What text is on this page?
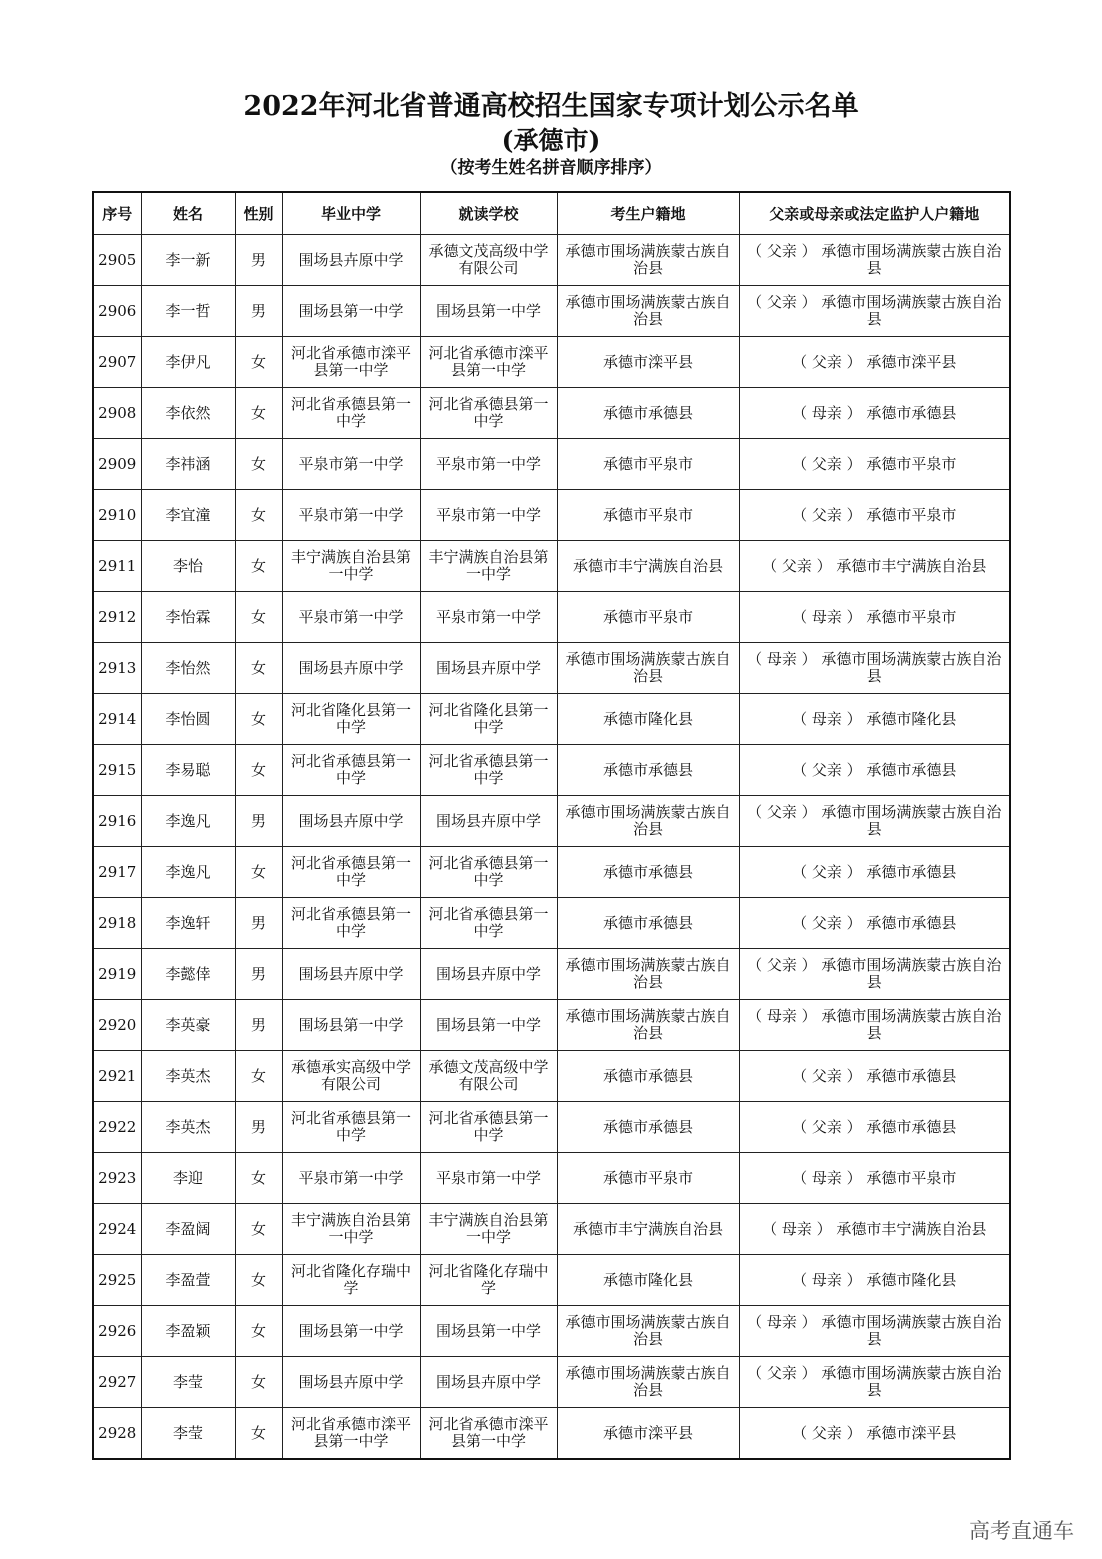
2022年河北省普通高校招生国家专项计划公示名单
(承德市)
（按考生姓名拼音顺序排序）
序号	姓名	性别	毕业中学	就读学校	考生户籍地	父亲或母亲或法定监护人户籍地
2905	李一新	男	围场县卉原中学	承德文茂高级中学有限公司	承德市围场满族蒙古族自治县	（ 父亲 ） 承德市围场满族蒙古族自治县
2906	李一哲	男	围场县第一中学	围场县第一中学	承德市围场满族蒙古族自治县	（ 父亲 ） 承德市围场满族蒙古族自治县
2907	李伊凡	女	河北省承德市滦平县第一中学	河北省承德市滦平县第一中学	承德市滦平县	（ 父亲 ） 承德市滦平县
2908	李依然	女	河北省承德县第一中学	河北省承德县第一中学	承德市承德县	（ 母亲 ） 承德市承德县
2909	李祎涵	女	平泉市第一中学	平泉市第一中学	承德市平泉市	（ 父亲 ） 承德市平泉市
2910	李宜潼	女	平泉市第一中学	平泉市第一中学	承德市平泉市	（ 父亲 ） 承德市平泉市
2911	李怡	女	丰宁满族自治县第一中学	丰宁满族自治县第一中学	承德市丰宁满族自治县	（ 父亲 ） 承德市丰宁满族自治县
2912	李怡霖	女	平泉市第一中学	平泉市第一中学	承德市平泉市	（ 母亲 ） 承德市平泉市
2913	李怡然	女	围场县卉原中学	围场县卉原中学	承德市围场满族蒙古族自治县	（ 母亲 ） 承德市围场满族蒙古族自治县
2914	李怡圆	女	河北省隆化县第一中学	河北省隆化县第一中学	承德市隆化县	（ 母亲 ） 承德市隆化县
2915	李易聪	女	河北省承德县第一中学	河北省承德县第一中学	承德市承德县	（ 父亲 ） 承德市承德县
2916	李逸凡	男	围场县卉原中学	围场县卉原中学	承德市围场满族蒙古族自治县	（ 父亲 ） 承德市围场满族蒙古族自治县
2917	李逸凡	女	河北省承德县第一中学	河北省承德县第一中学	承德市承德县	（ 父亲 ） 承德市承德县
2918	李逸轩	男	河北省承德县第一中学	河北省承德县第一中学	承德市承德县	（ 父亲 ） 承德市承德县
2919	李懿倖	男	围场县卉原中学	围场县卉原中学	承德市围场满族蒙古族自治县	（ 父亲 ） 承德市围场满族蒙古族自治县
2920	李英豪	男	围场县第一中学	围场县第一中学	承德市围场满族蒙古族自治县	（ 母亲 ） 承德市围场满族蒙古族自治县
2921	李英杰	女	承德承实高级中学有限公司	承德文茂高级中学有限公司	承德市承德县	（ 父亲 ） 承德市承德县
2922	李英杰	男	河北省承德县第一中学	河北省承德县第一中学	承德市承德县	（ 父亲 ） 承德市承德县
2923	李迎	女	平泉市第一中学	平泉市第一中学	承德市平泉市	（ 母亲 ） 承德市平泉市
2924	李盈阔	女	丰宁满族自治县第一中学	丰宁满族自治县第一中学	承德市丰宁满族自治县	（ 母亲 ） 承德市丰宁满族自治县
2925	李盈萱	女	河北省隆化存瑞中学	河北省隆化存瑞中学	承德市隆化县	（ 母亲 ） 承德市隆化县
2926	李盈颖	女	围场县第一中学	围场县第一中学	承德市围场满族蒙古族自治县	（ 母亲 ） 承德市围场满族蒙古族自治县
2927	李莹	女	围场县卉原中学	围场县卉原中学	承德市围场满族蒙古族自治县	（ 父亲 ） 承德市围场满族蒙古族自治县
2928	李莹	女	河北省承德市滦平县第一中学	河北省承德市滦平县第一中学	承德市滦平县	（ 父亲 ） 承德市滦平县
高考直通车
